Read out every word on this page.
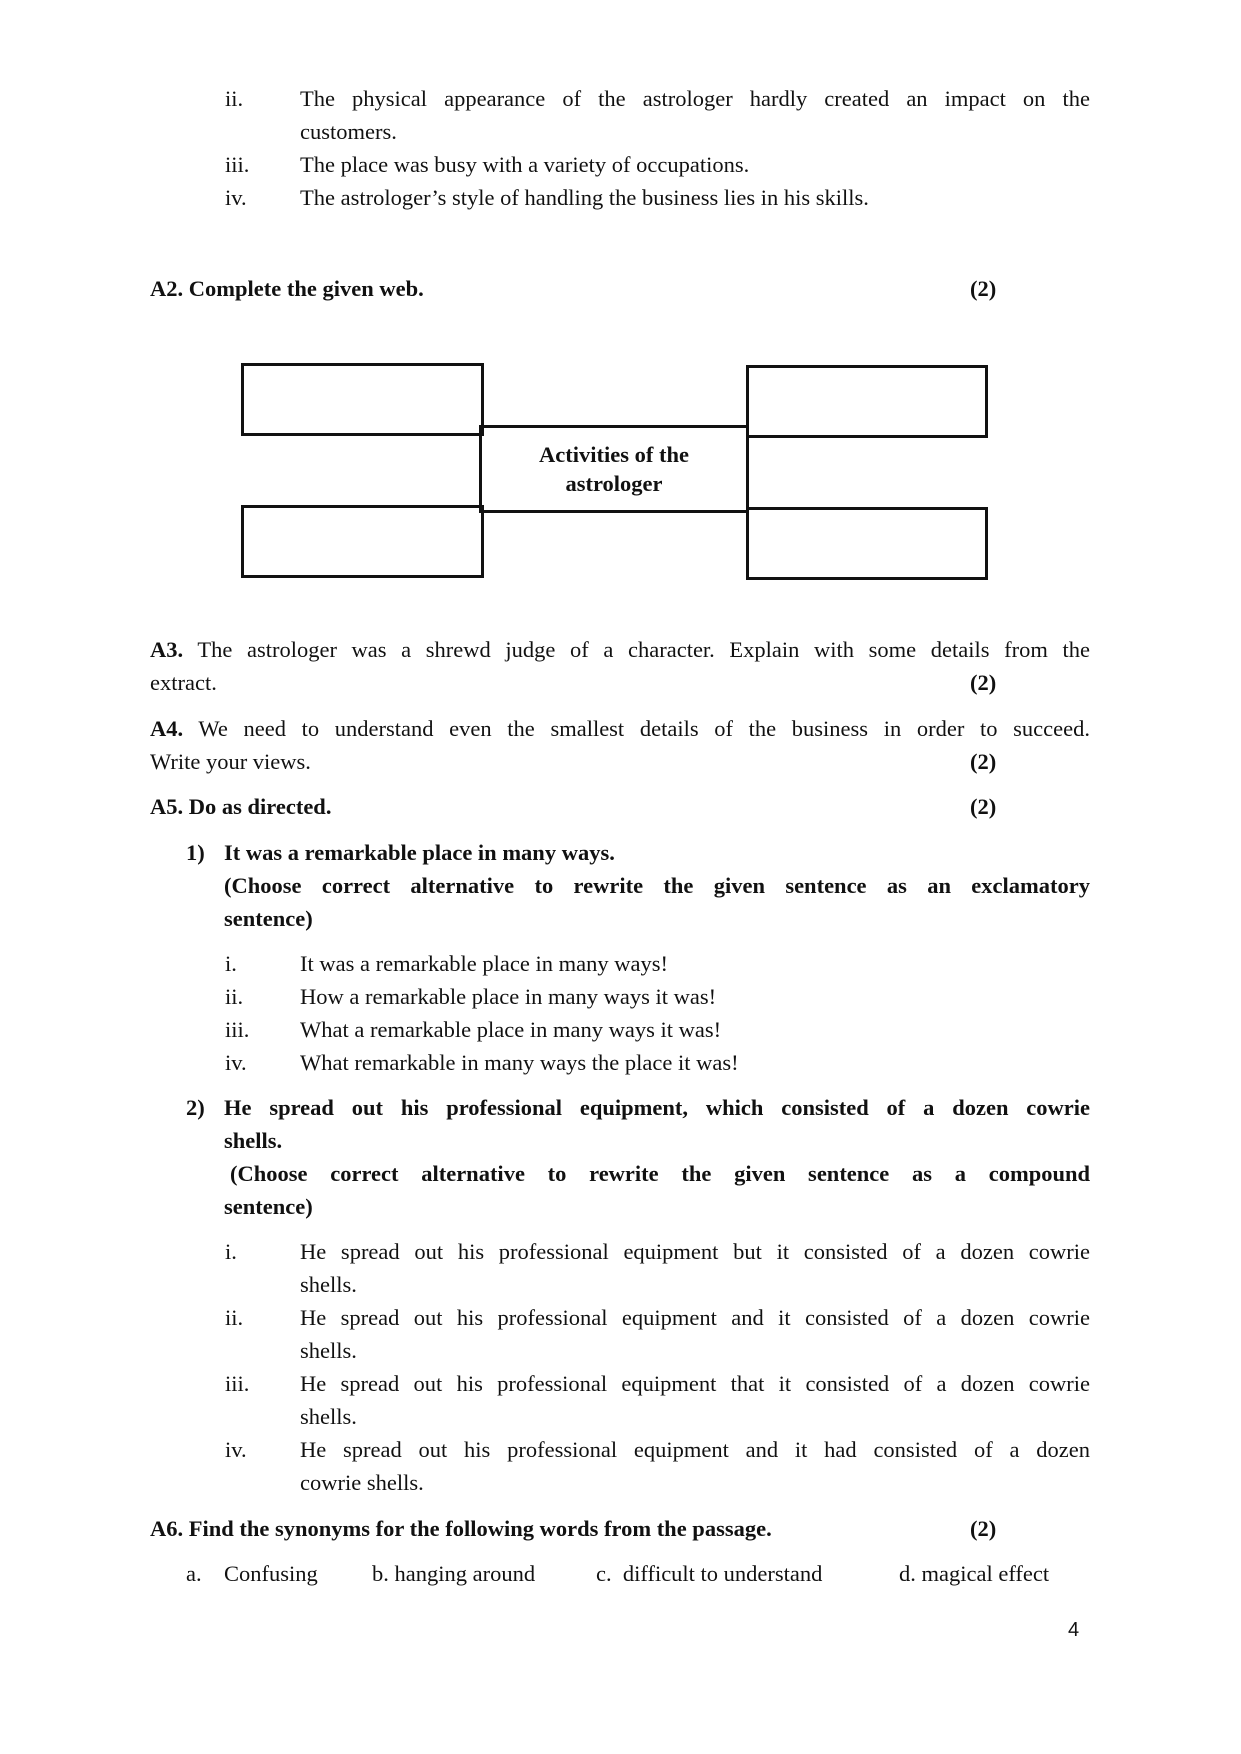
ii.	The physical appearance of the astrologer hardly created an impact on the
customers.
iii. The place was busy with a variety of occupations.
iv. The astrologer’s style of handling the business lies in his skills.
A2. Complete the given web.	(2)
Activities of the
astrologer
A3. The astrologer was a shrewd judge of a character. Explain with some details from the
extract.	(2)
A4. We need to understand even the smallest details of the business in order to succeed.
Write your views.	(2)
A5. Do as directed.	(2)
1) It was a remarkable place in many ways.
(Choose correct alternative to rewrite the given sentence as an exclamatory
sentence)
i.	It was a remarkable place in many ways!
ii.	How a remarkable place in many ways it was!
iii. What a remarkable place in many ways it was!
iv. What remarkable in many ways the place it was!
2) He spread out his professional equipment, which consisted of a dozen cowrie
shells.
(Choose correct alternative to rewrite the given sentence as a compound
sentence)
i.	He spread out his professional equipment but it consisted of a dozen cowrie
shells.
ii.	He spread out his professional equipment and it consisted of a dozen cowrie
shells.
iii. He spread out his professional equipment that it consisted of a dozen cowrie
shells.
iv. He spread out his professional equipment and it had consisted of a dozen
cowrie shells.
A6. Find the synonyms for the following words from the passage.	(2)
a. Confusing b. hanging around	c.  difficult to understand	d. magical effect
4
